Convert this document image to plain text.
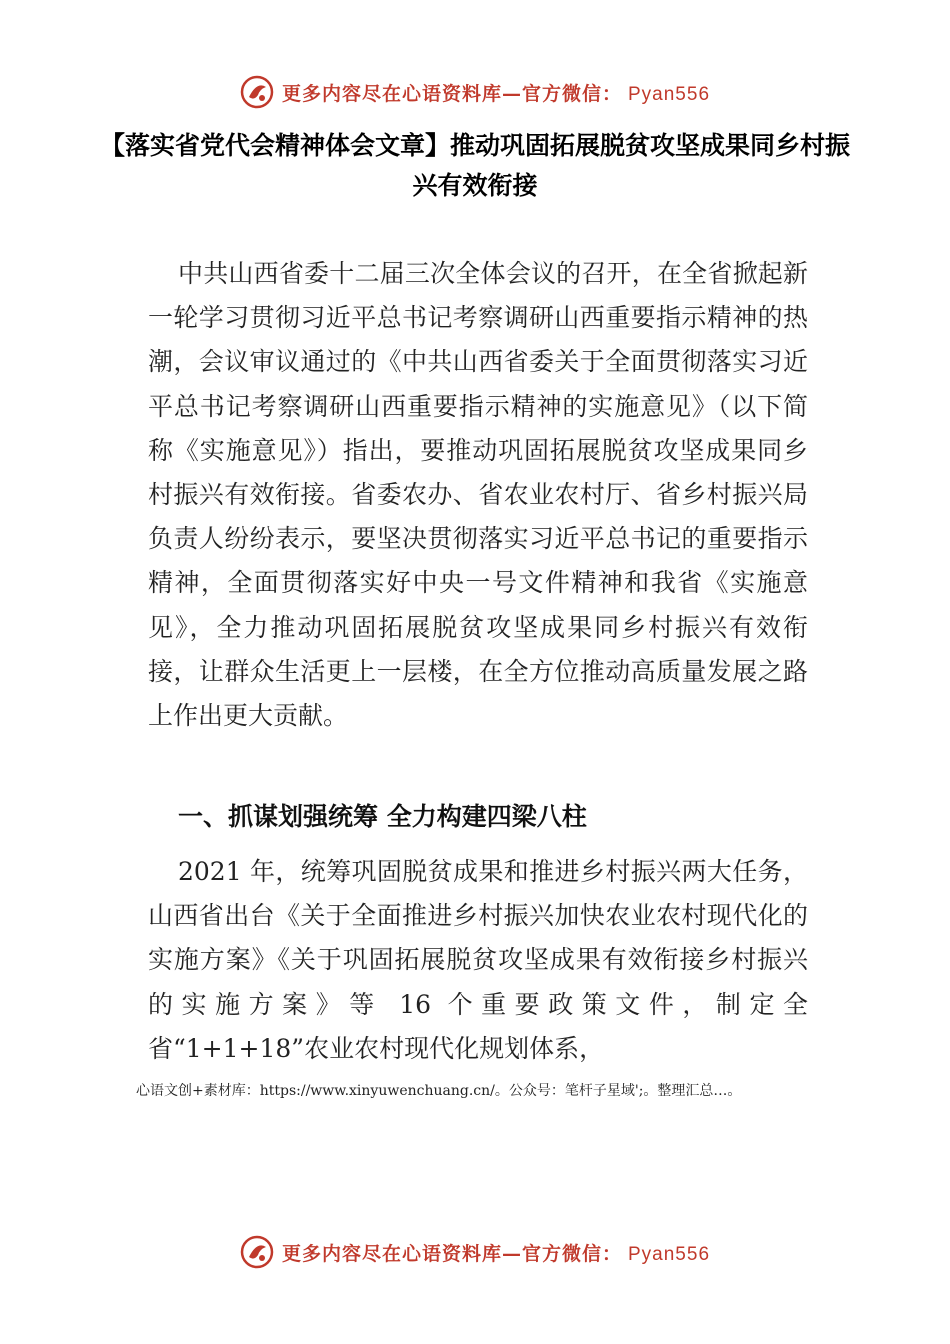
更多内容尽在心语资料库—官方微信： Pyan556
【落实省党代会精神体会文章】推动巩固拓展脱贫攻坚成果同乡村振兴有效衔接

中共山西省委十二届三次全体会议的召开，在全省掀起新一轮学习贯彻习近平总书记考察调研山西重要指示精神的热潮，会议审议通过的《中共山西省委关于全面贯彻落实习近平总书记考察调研山西重要指示精神的实施意见》（以下简称《实施意见》）指出，要推动巩固拓展脱贫攻坚成果同乡村振兴有效衔接。省委农办、省农业农村厅、省乡村振兴局负责人纷纷表示，要坚决贯彻落实习近平总书记的重要指示精神，全面贯彻落实好中央一号文件精神和我省《实施意见》，全力推动巩固拓展脱贫攻坚成果同乡村振兴有效衔接，让群众生活更上一层楼，在全方位推动高质量发展之路上作出更大贡献。

一、抓谋划强统筹 全力构建四梁八柱

2021 年，统筹巩固脱贫成果和推进乡村振兴两大任务，山西省出台《关于全面推进乡村振兴加快农业农村现代化的实施方案》《关于巩固拓展脱贫攻坚成果有效衔接乡村振兴的实施方案》等 16 个重要政策文件，制定全省“1+1+18”农业农村现代化规划体系，

心语文创+素材库：https://www.xinyuwenchuang.cn/。公众号：笔杆子星域';。整理汇总…。

更多内容尽在心语资料库—官方微信： Pyan556
